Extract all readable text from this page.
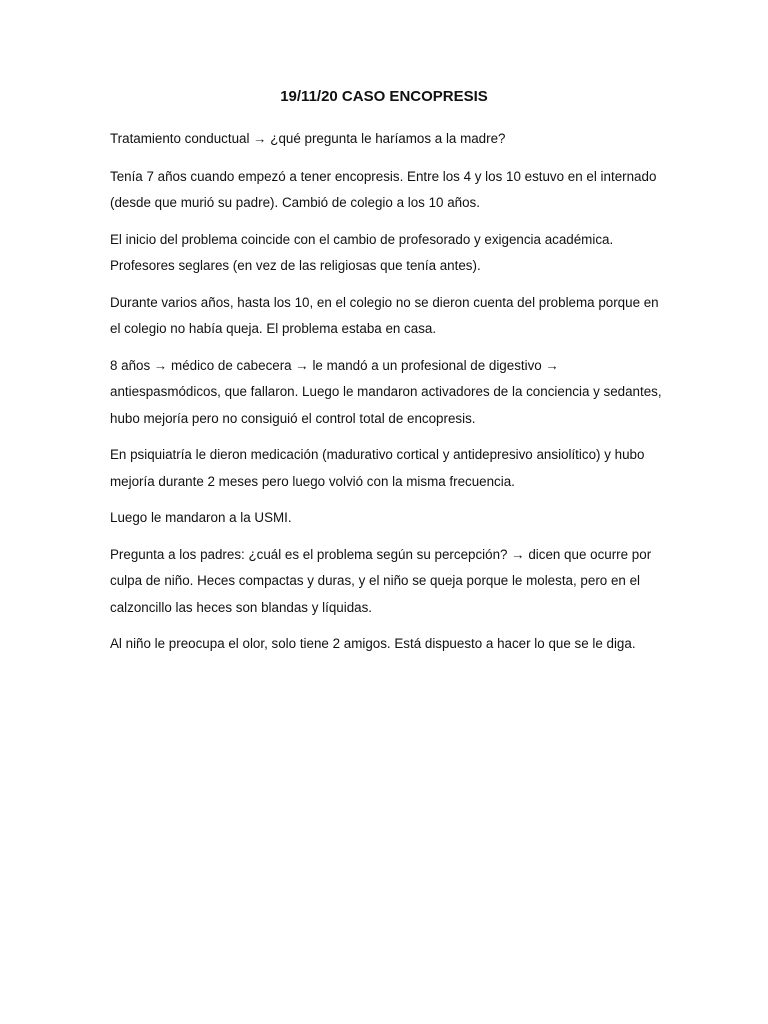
19/11/20 CASO ENCOPRESIS

Tratamiento conductual → ¿qué pregunta le haríamos a la madre?

Tenía 7 años cuando empezó a tener encopresis. Entre los 4 y los 10 estuvo en el internado (desde que murió su padre). Cambió de colegio a los 10 años.

El inicio del problema coincide con el cambio de profesorado y exigencia académica. Profesores seglares (en vez de las religiosas que tenía antes).

Durante varios años, hasta los 10, en el colegio no se dieron cuenta del problema porque en el colegio no había queja. El problema estaba en casa.

8 años → médico de cabecera → le mandó a un profesional de digestivo → antiespasmódicos, que fallaron. Luego le mandaron activadores de la conciencia y sedantes, hubo mejoría pero no consiguió el control total de encopresis.

En psiquiatría le dieron medicación (madurativo cortical y antidepresivo ansiolítico) y hubo mejoría durante 2 meses pero luego volvió con la misma frecuencia.

Luego le mandaron a la USMI.

Pregunta a los padres: ¿cuál es el problema según su percepción? → dicen que ocurre por culpa de niño. Heces compactas y duras, y el niño se queja porque le molesta, pero en el calzoncillo las heces son blandas y líquidas.

Al niño le preocupa el olor, solo tiene 2 amigos. Está dispuesto a hacer lo que se le diga.
